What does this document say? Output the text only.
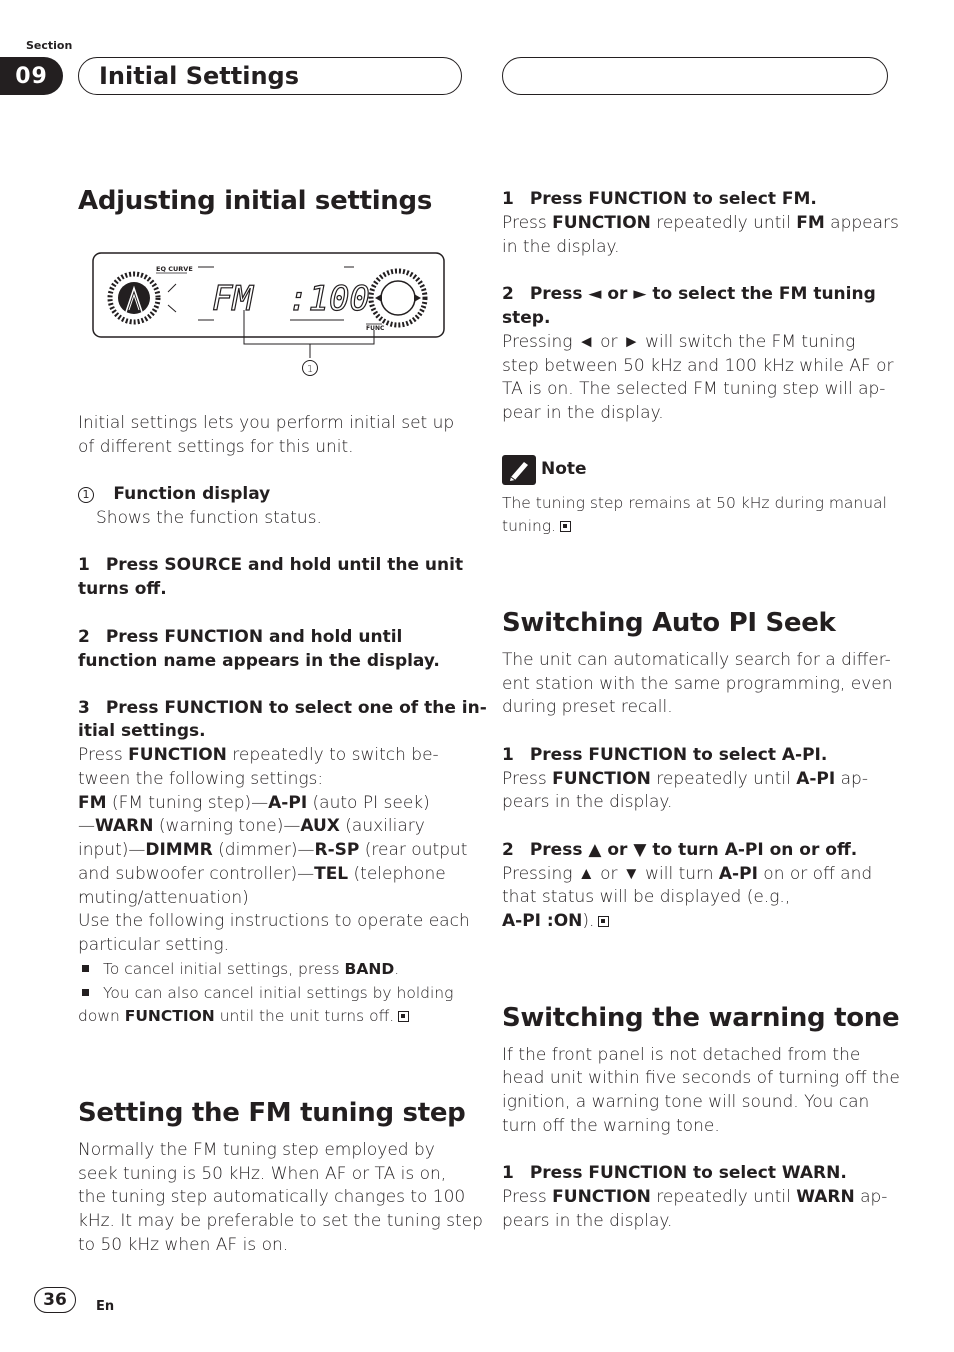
Section
09	Initial Settings
Adjusting initial settings
EQ CURVE
FM :100
FUNC
1

Initial settings lets you perform initial set up of different settings for this unit.

1 Function display
Shows the function status.

1 Press SOURCE and hold until the unit turns off.

2 Press FUNCTION and hold until function name appears in the display.

3 Press FUNCTION to select one of the in-
itial settings.
Press FUNCTION repeatedly to switch be-
tween the following settings:
FM (FM tuning step)—A-PI (auto PI seek)
—WARN (warning tone)—AUX (auxiliary
input)—DIMMR (dimmer)—R-SP (rear output
and subwoofer controller)—TEL (telephone
muting/attenuation)
Use the following instructions to operate each
particular setting.
To cancel initial settings, press BAND.
You can also cancel initial settings by holding
down FUNCTION until the unit turns off.
Setting the FM tuning step
Normally the FM tuning step employed by
seek tuning is 50 kHz. When AF or TA is on,
the tuning step automatically changes to 100
kHz. It may be preferable to set the tuning step
to 50 kHz when AF is on.
1 Press FUNCTION to select FM.
Press FUNCTION repeatedly until FM appears
in the display.
2 Press ◄ or ► to select the FM tuning
step.
Pressing ◄ or ► will switch the FM tuning
step between 50 kHz and 100 kHz while AF or
TA is on. The selected FM tuning step will ap-
pear in the display.
Note
The tuning step remains at 50 kHz during manual
tuning.
Switching Auto PI Seek
The unit can automatically search for a differ-
ent station with the same programming, even
during preset recall.
1 Press FUNCTION to select A-PI.
Press FUNCTION repeatedly until A-PI ap-
pears in the display.
2 Press ▲ or ▼ to turn A-PI on or off.
Pressing ▲ or ▼ will turn A-PI on or off and
that status will be displayed (e.g.,
A-PI :ON).
Switching the warning tone
If the front panel is not detached from the
head unit within five seconds of turning off the
ignition, a warning tone will sound. You can
turn off the warning tone.
1 Press FUNCTION to select WARN.
Press FUNCTION repeatedly until WARN ap-
pears in the display.
36	En
